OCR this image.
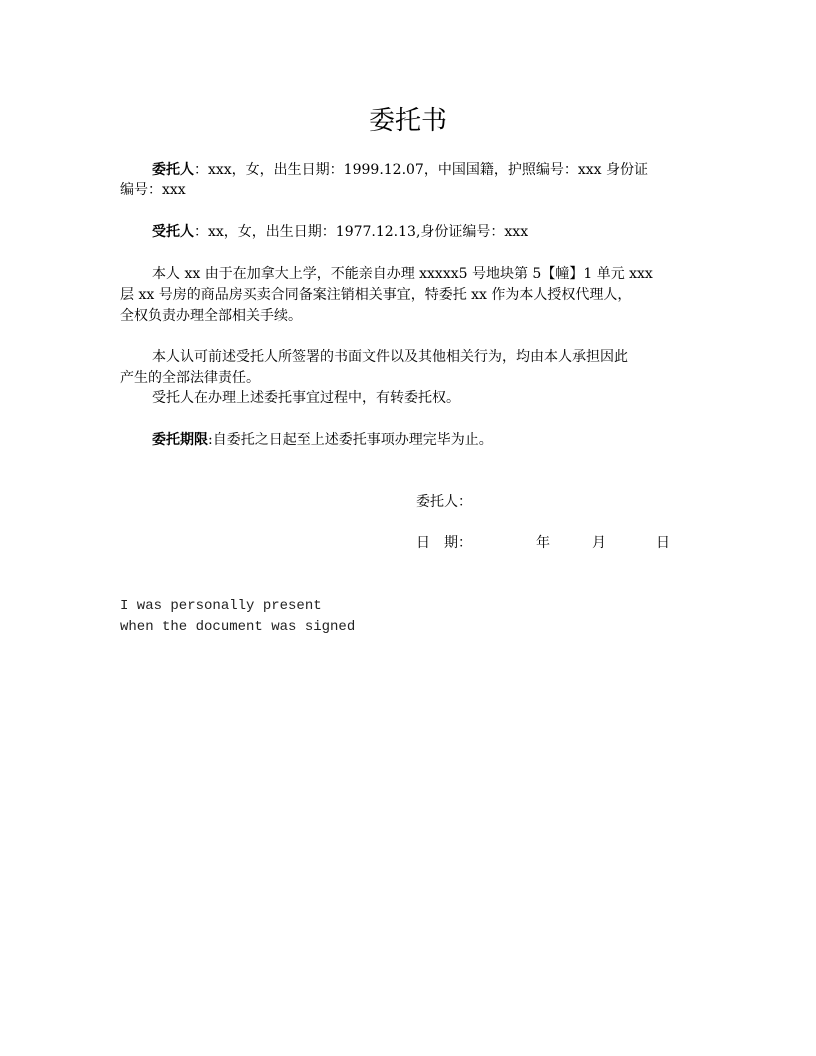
委托书
委托人：xxx，女，出生日期：1999.12.07，中国国籍，护照编号：xxx 身份证
编号：xxx
受托人：xx，女，出生日期：1977.12.13,身份证编号：xxx
本人 xx 由于在加拿大上学，不能亲自办理 xxxxx5 号地块第 5【幢】1 单元 xxx
层 xx 号房的商品房买卖合同备案注销相关事宜，特委托 xx 作为本人授权代理人，
全权负责办理全部相关手续。
本人认可前述受托人所签署的书面文件以及其他相关行为，均由本人承担因此
产生的全部法律责任。
受托人在办理上述委托事宜过程中，有转委托权。
委托期限:自委托之日起至上述委托事项办理完毕为止。
委托人：
日　期：	年	月	日
I was personally present
when the document was signed
